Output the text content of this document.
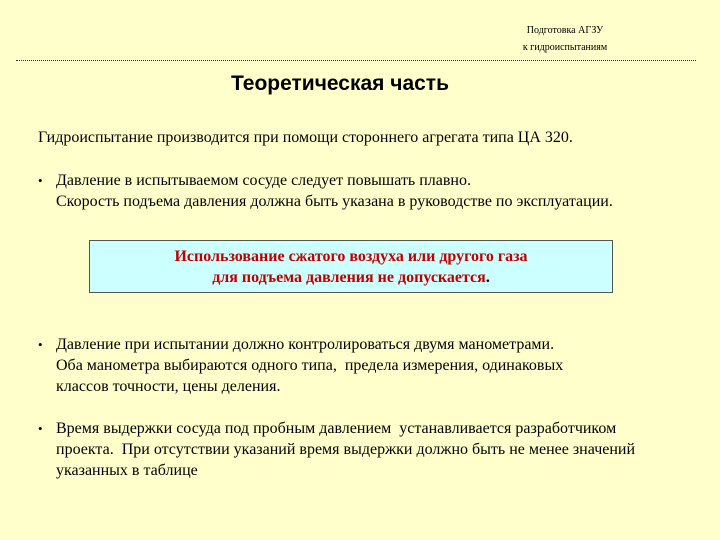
Подготовка АГЗУ
к гидроиспытаниям
Теоретическая часть
Гидроиспытание производится при помощи стороннего агрегата типа ЦА 320.
• Давление в испытываемом сосуде следует повышать плавно.
Скорость подъема давления должна быть указана в руководстве по эксплуатации.
Использование сжатого воздуха или другого газа
для подъема давления не допускается.
• Давление при испытании должно контролироваться двумя манометрами.
Оба манометра выбираются одного типа,  предела измерения, одинаковых
классов точности, цены деления.
• Время выдержки сосуда под пробным давлением  устанавливается разработчиком
проекта.  При отсутствии указаний время выдержки должно быть не менее значений
указанных в таблице
